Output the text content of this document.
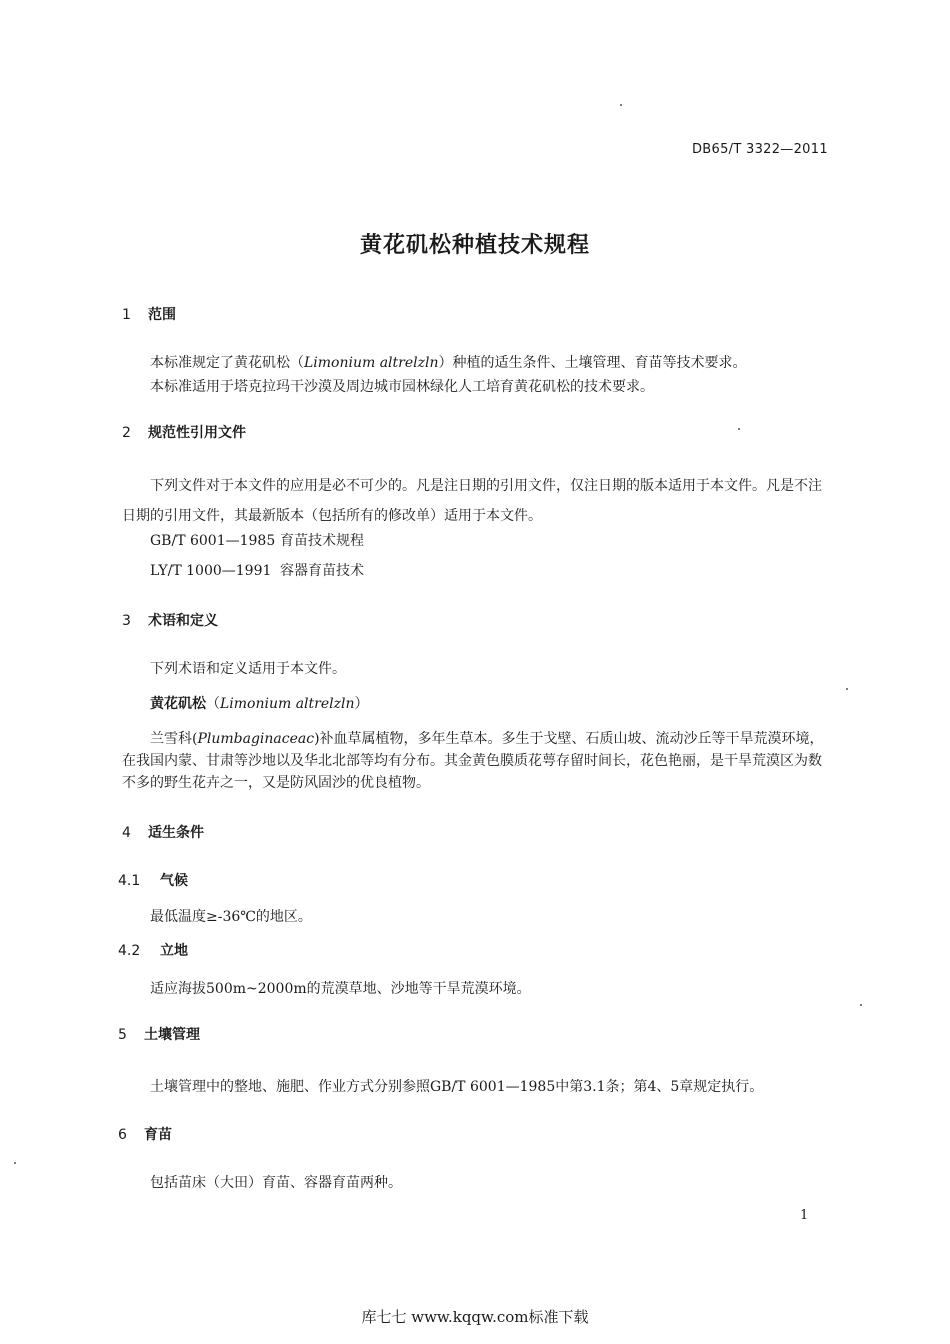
DB65/T 3322—2011
黄花矶松种植技术规程
1 范围
本标准规定了黄花矶松（Limonium altrelzln）种植的适生条件、土壤管理、育苗等技术要求。
本标准适用于塔克拉玛干沙漠及周边城市园林绿化人工培育黄花矶松的技术要求。
2 规范性引用文件
下列文件对于本文件的应用是必不可少的。凡是注日期的引用文件，仅注日期的版本适用于本文件。凡是不注日期的引用文件，其最新版本（包括所有的修改单）适用于本文件。
GB/T 6001—1985 育苗技术规程
LY/T 1000—1991 容器育苗技术
3 术语和定义
下列术语和定义适用于本文件。
黄花矶松（Limonium altrelzln）
兰雪科(Plumbaginaceac)补血草属植物，多年生草本。多生于戈壁、石质山坡、流动沙丘等干旱荒漠环境，在我国内蒙、甘肃等沙地以及华北北部等均有分布。其金黄色膜质花萼存留时间长，花色艳丽，是干旱荒漠区为数不多的野生花卉之一，又是防风固沙的优良植物。
4 适生条件
4.1 气候
最低温度≥-36℃的地区。
4.2 立地
适应海拔500m~2000m的荒漠草地、沙地等干旱荒漠环境。
5 土壤管理
土壤管理中的整地、施肥、作业方式分别参照GB/T 6001—1985中第3.1条；第4、5章规定执行。
6 育苗
包括苗床（大田）育苗、容器育苗两种。
1
库七七 www.kqqw.com标准下载
